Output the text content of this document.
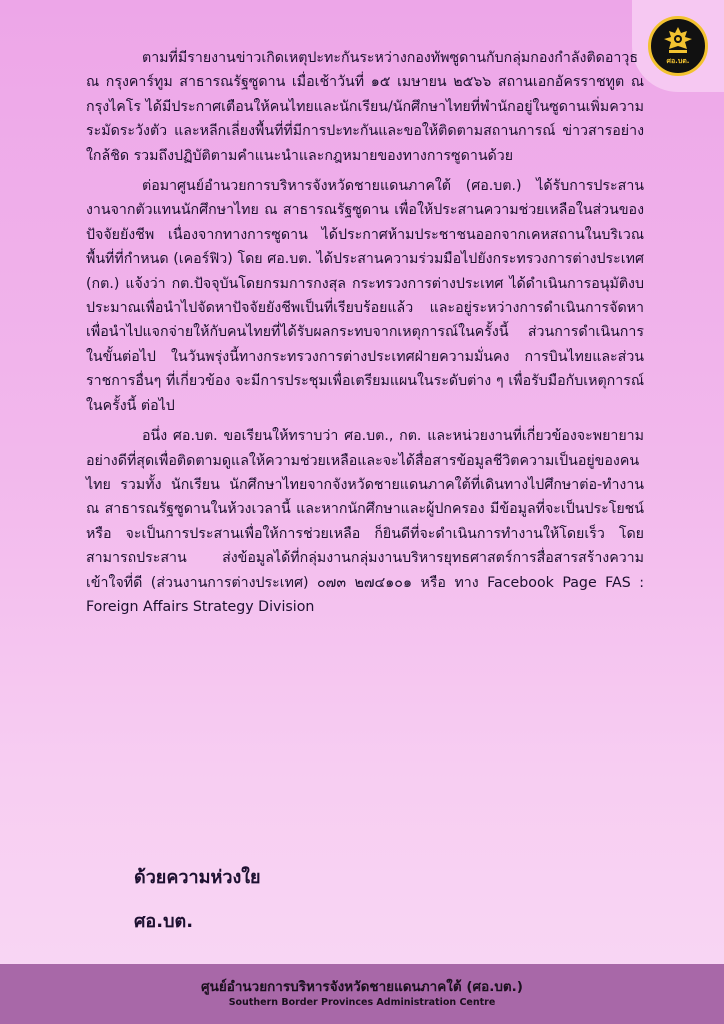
ศอ.บต.

ตามที่มีรายงานข่าวเกิดเหตุปะทะกันระหว่างกองทัพซูดานกับกลุ่มกองกำลังติดอาวุธ ณ กรุงคาร์ทูม สาธารณรัฐซูดาน เมื่อเช้าวันที่ ๑๕ เมษายน ๒๕๖๖ สถานเอกอัครราชทูต ณ กรุงไคโร ได้มีประกาศเตือนให้คนไทยและนักเรียน/นักศึกษาไทยที่พำนักอยู่ในซูดานเพิ่มความระมัดระวังตัว และหลีกเลี่ยงพื้นที่ที่มีการปะทะกันและขอให้ติดตามสถานการณ์ ข่าวสารอย่างใกล้ชิด รวมถึงปฏิบัติตามคำแนะนำและกฎหมายของทางการซูดานด้วย

ต่อมาศูนย์อำนวยการบริหารจังหวัดชายแดนภาคใต้ (ศอ.บต.) ได้รับการประสานงานจากตัวแทนนักศึกษาไทย ณ สาธารณรัฐซูดาน เพื่อให้ประสานความช่วยเหลือในส่วนของปัจจัยยังชีพ เนื่องจากทางการซูดาน ได้ประกาศห้ามประชาชนออกจากเคหสถานในบริเวณพื้นที่ที่กำหนด (เคอร์ฟิว) โดย ศอ.บต. ได้ประสานความร่วมมือไปยังกระทรวงการต่างประเทศ (กต.) แจ้งว่า กต.ปัจจุบันโดยกรมการกงสุล กระทรวงการต่างประเทศ ได้ดำเนินการอนุมัติงบประมาณเพื่อนำไปจัดหาปัจจัยยังชีพเป็นที่เรียบร้อยแล้ว และอยู่ระหว่างการดำเนินการจัดหาเพื่อนำไปแจกจ่ายให้กับคนไทยที่ได้รับผลกระทบจากเหตุการณ์ในครั้งนี้ ส่วนการดำเนินการในขั้นต่อไป ในวันพรุ่งนี้ทางกระทรวงการต่างประเทศฝ่ายความมั่นคง การบินไทยและส่วนราชการอื่นๆ ที่เกี่ยวข้อง จะมีการประชุมเพื่อเตรียมแผนในระดับต่าง ๆ เพื่อรับมือกับเหตุการณ์ในครั้งนี้ ต่อไป

อนึ่ง ศอ.บต. ขอเรียนให้ทราบว่า ศอ.บต., กต. และหน่วยงานที่เกี่ยวข้องจะพยายามอย่างดีที่สุดเพื่อติดตามดูแลให้ความช่วยเหลือและจะได้สื่อสารข้อมูลชีวิตความเป็นอยู่ของคนไทย รวมทั้ง นักเรียน นักศึกษาไทยจากจังหวัดชายแดนภาคใต้ที่เดินทางไปศึกษาต่อ-ทำงาน ณ สาธารณรัฐซูดานในห้วงเวลานี้ และหากนักศึกษาและผู้ปกครอง มีข้อมูลที่จะเป็นประโยชน์ หรือ จะเป็นการประสานเพื่อให้การช่วยเหลือ ก็ยินดีที่จะดำเนินการทำงานให้โดยเร็ว โดยสามารถประสาน ส่งข้อมูลได้ที่กลุ่มงานกลุ่มงานบริหารยุทธศาสตร์การสื่อสารสร้างความเข้าใจที่ดี (ส่วนงานการต่างประเทศ) ๐๗๓ ๒๗๔๑๐๑ หรือ ทาง Facebook Page FAS : Foreign Affairs Strategy Division

ด้วยความห่วงใย
ศอ.บต.
ศูนย์อำนวยการบริหารจังหวัดชายแดนภาคใต้ (ศอ.บต.)
Southern Border Provinces Administration Centre
